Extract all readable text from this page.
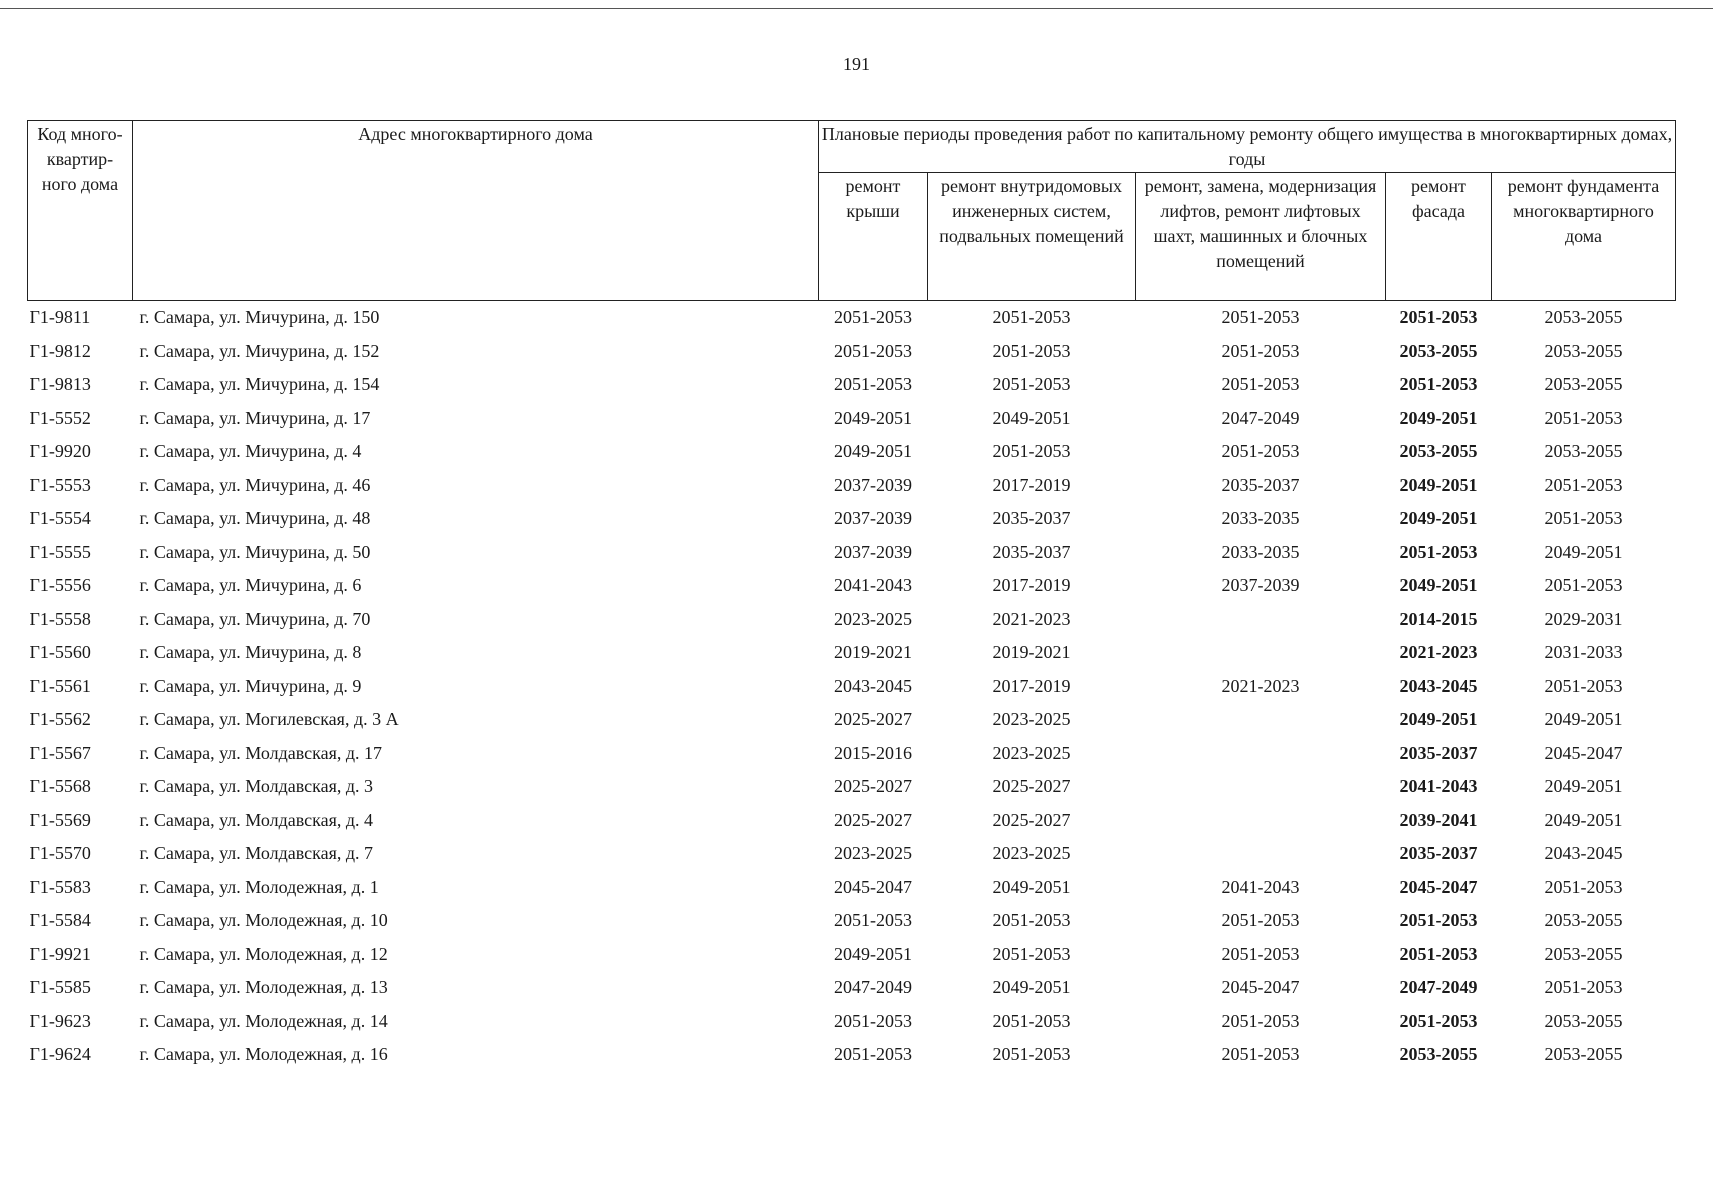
191
Код много-квартир-ного дома	Адрес многоквартирного дома	Плановые периоды проведения работ по капитальному ремонту общего имущества в многоквартирных домах, годы				
		ремонт крыши	ремонт внутридомовых инженерных систем, подвальных помещений	ремонт, замена, модернизация лифтов, ремонт лифтовых шахт, машинных и блочных помещений	ремонт фасада	ремонт фундамента многоквартирного дома
Г1-9811	г. Самара, ул. Мичурина, д. 150	2051-2053	2051-2053	2051-2053	2051-2053	2053-2055
Г1-9812	г. Самара, ул. Мичурина, д. 152	2051-2053	2051-2053	2051-2053	2053-2055	2053-2055
Г1-9813	г. Самара, ул. Мичурина, д. 154	2051-2053	2051-2053	2051-2053	2051-2053	2053-2055
Г1-5552	г. Самара, ул. Мичурина, д. 17	2049-2051	2049-2051	2047-2049	2049-2051	2051-2053
Г1-9920	г. Самара, ул. Мичурина, д. 4	2049-2051	2051-2053	2051-2053	2053-2055	2053-2055
Г1-5553	г. Самара, ул. Мичурина, д. 46	2037-2039	2017-2019	2035-2037	2049-2051	2051-2053
Г1-5554	г. Самара, ул. Мичурина, д. 48	2037-2039	2035-2037	2033-2035	2049-2051	2051-2053
Г1-5555	г. Самара, ул. Мичурина, д. 50	2037-2039	2035-2037	2033-2035	2051-2053	2049-2051
Г1-5556	г. Самара, ул. Мичурина, д. 6	2041-2043	2017-2019	2037-2039	2049-2051	2051-2053
Г1-5558	г. Самара, ул. Мичурина, д. 70	2023-2025	2021-2023		2014-2015	2029-2031
Г1-5560	г. Самара, ул. Мичурина, д. 8	2019-2021	2019-2021		2021-2023	2031-2033
Г1-5561	г. Самара, ул. Мичурина, д. 9	2043-2045	2017-2019	2021-2023	2043-2045	2051-2053
Г1-5562	г. Самара, ул. Могилевская, д. 3 А	2025-2027	2023-2025		2049-2051	2049-2051
Г1-5567	г. Самара, ул. Молдавская, д. 17	2015-2016	2023-2025		2035-2037	2045-2047
Г1-5568	г. Самара, ул. Молдавская, д. 3	2025-2027	2025-2027		2041-2043	2049-2051
Г1-5569	г. Самара, ул. Молдавская, д. 4	2025-2027	2025-2027		2039-2041	2049-2051
Г1-5570	г. Самара, ул. Молдавская, д. 7	2023-2025	2023-2025		2035-2037	2043-2045
Г1-5583	г. Самара, ул. Молодежная, д. 1	2045-2047	2049-2051	2041-2043	2045-2047	2051-2053
Г1-5584	г. Самара, ул. Молодежная, д. 10	2051-2053	2051-2053	2051-2053	2051-2053	2053-2055
Г1-9921	г. Самара, ул. Молодежная, д. 12	2049-2051	2051-2053	2051-2053	2051-2053	2053-2055
Г1-5585	г. Самара, ул. Молодежная, д. 13	2047-2049	2049-2051	2045-2047	2047-2049	2051-2053
Г1-9623	г. Самара, ул. Молодежная, д. 14	2051-2053	2051-2053	2051-2053	2051-2053	2053-2055
Г1-9624	г. Самара, ул. Молодежная, д. 16	2051-2053	2051-2053	2051-2053	2053-2055	2053-2055
